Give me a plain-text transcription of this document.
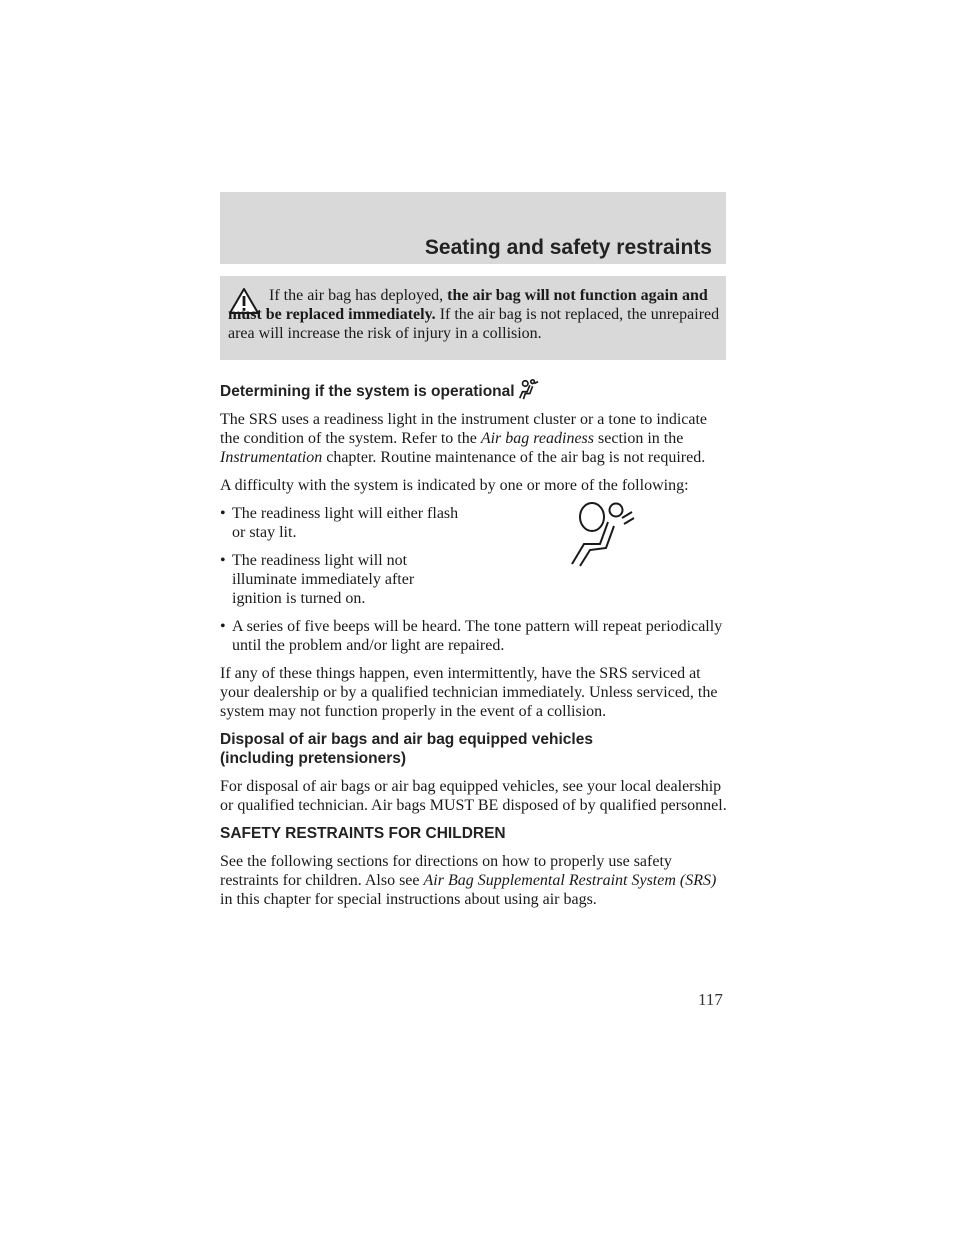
Seating and safety restraints

If the air bag has deployed, the air bag will not function again and must be replaced immediately. If the air bag is not replaced, the unrepaired area will increase the risk of injury in a collision.

Determining if the system is operational

The SRS uses a readiness light in the instrument cluster or a tone to indicate the condition of the system. Refer to the Air bag readiness section in the Instrumentation chapter. Routine maintenance of the air bag is not required.

A difficulty with the system is indicated by one or more of the following:

• The readiness light will either flash or stay lit.
• The readiness light will not illuminate immediately after ignition is turned on.
• A series of five beeps will be heard. The tone pattern will repeat periodically until the problem and/or light are repaired.

If any of these things happen, even intermittently, have the SRS serviced at your dealership or by a qualified technician immediately. Unless serviced, the system may not function properly in the event of a collision.

Disposal of air bags and air bag equipped vehicles
(including pretensioners)

For disposal of air bags or air bag equipped vehicles, see your local dealership or qualified technician. Air bags MUST BE disposed of by qualified personnel.

SAFETY RESTRAINTS FOR CHILDREN

See the following sections for directions on how to properly use safety restraints for children. Also see Air Bag Supplemental Restraint System (SRS) in this chapter for special instructions about using air bags.

117
